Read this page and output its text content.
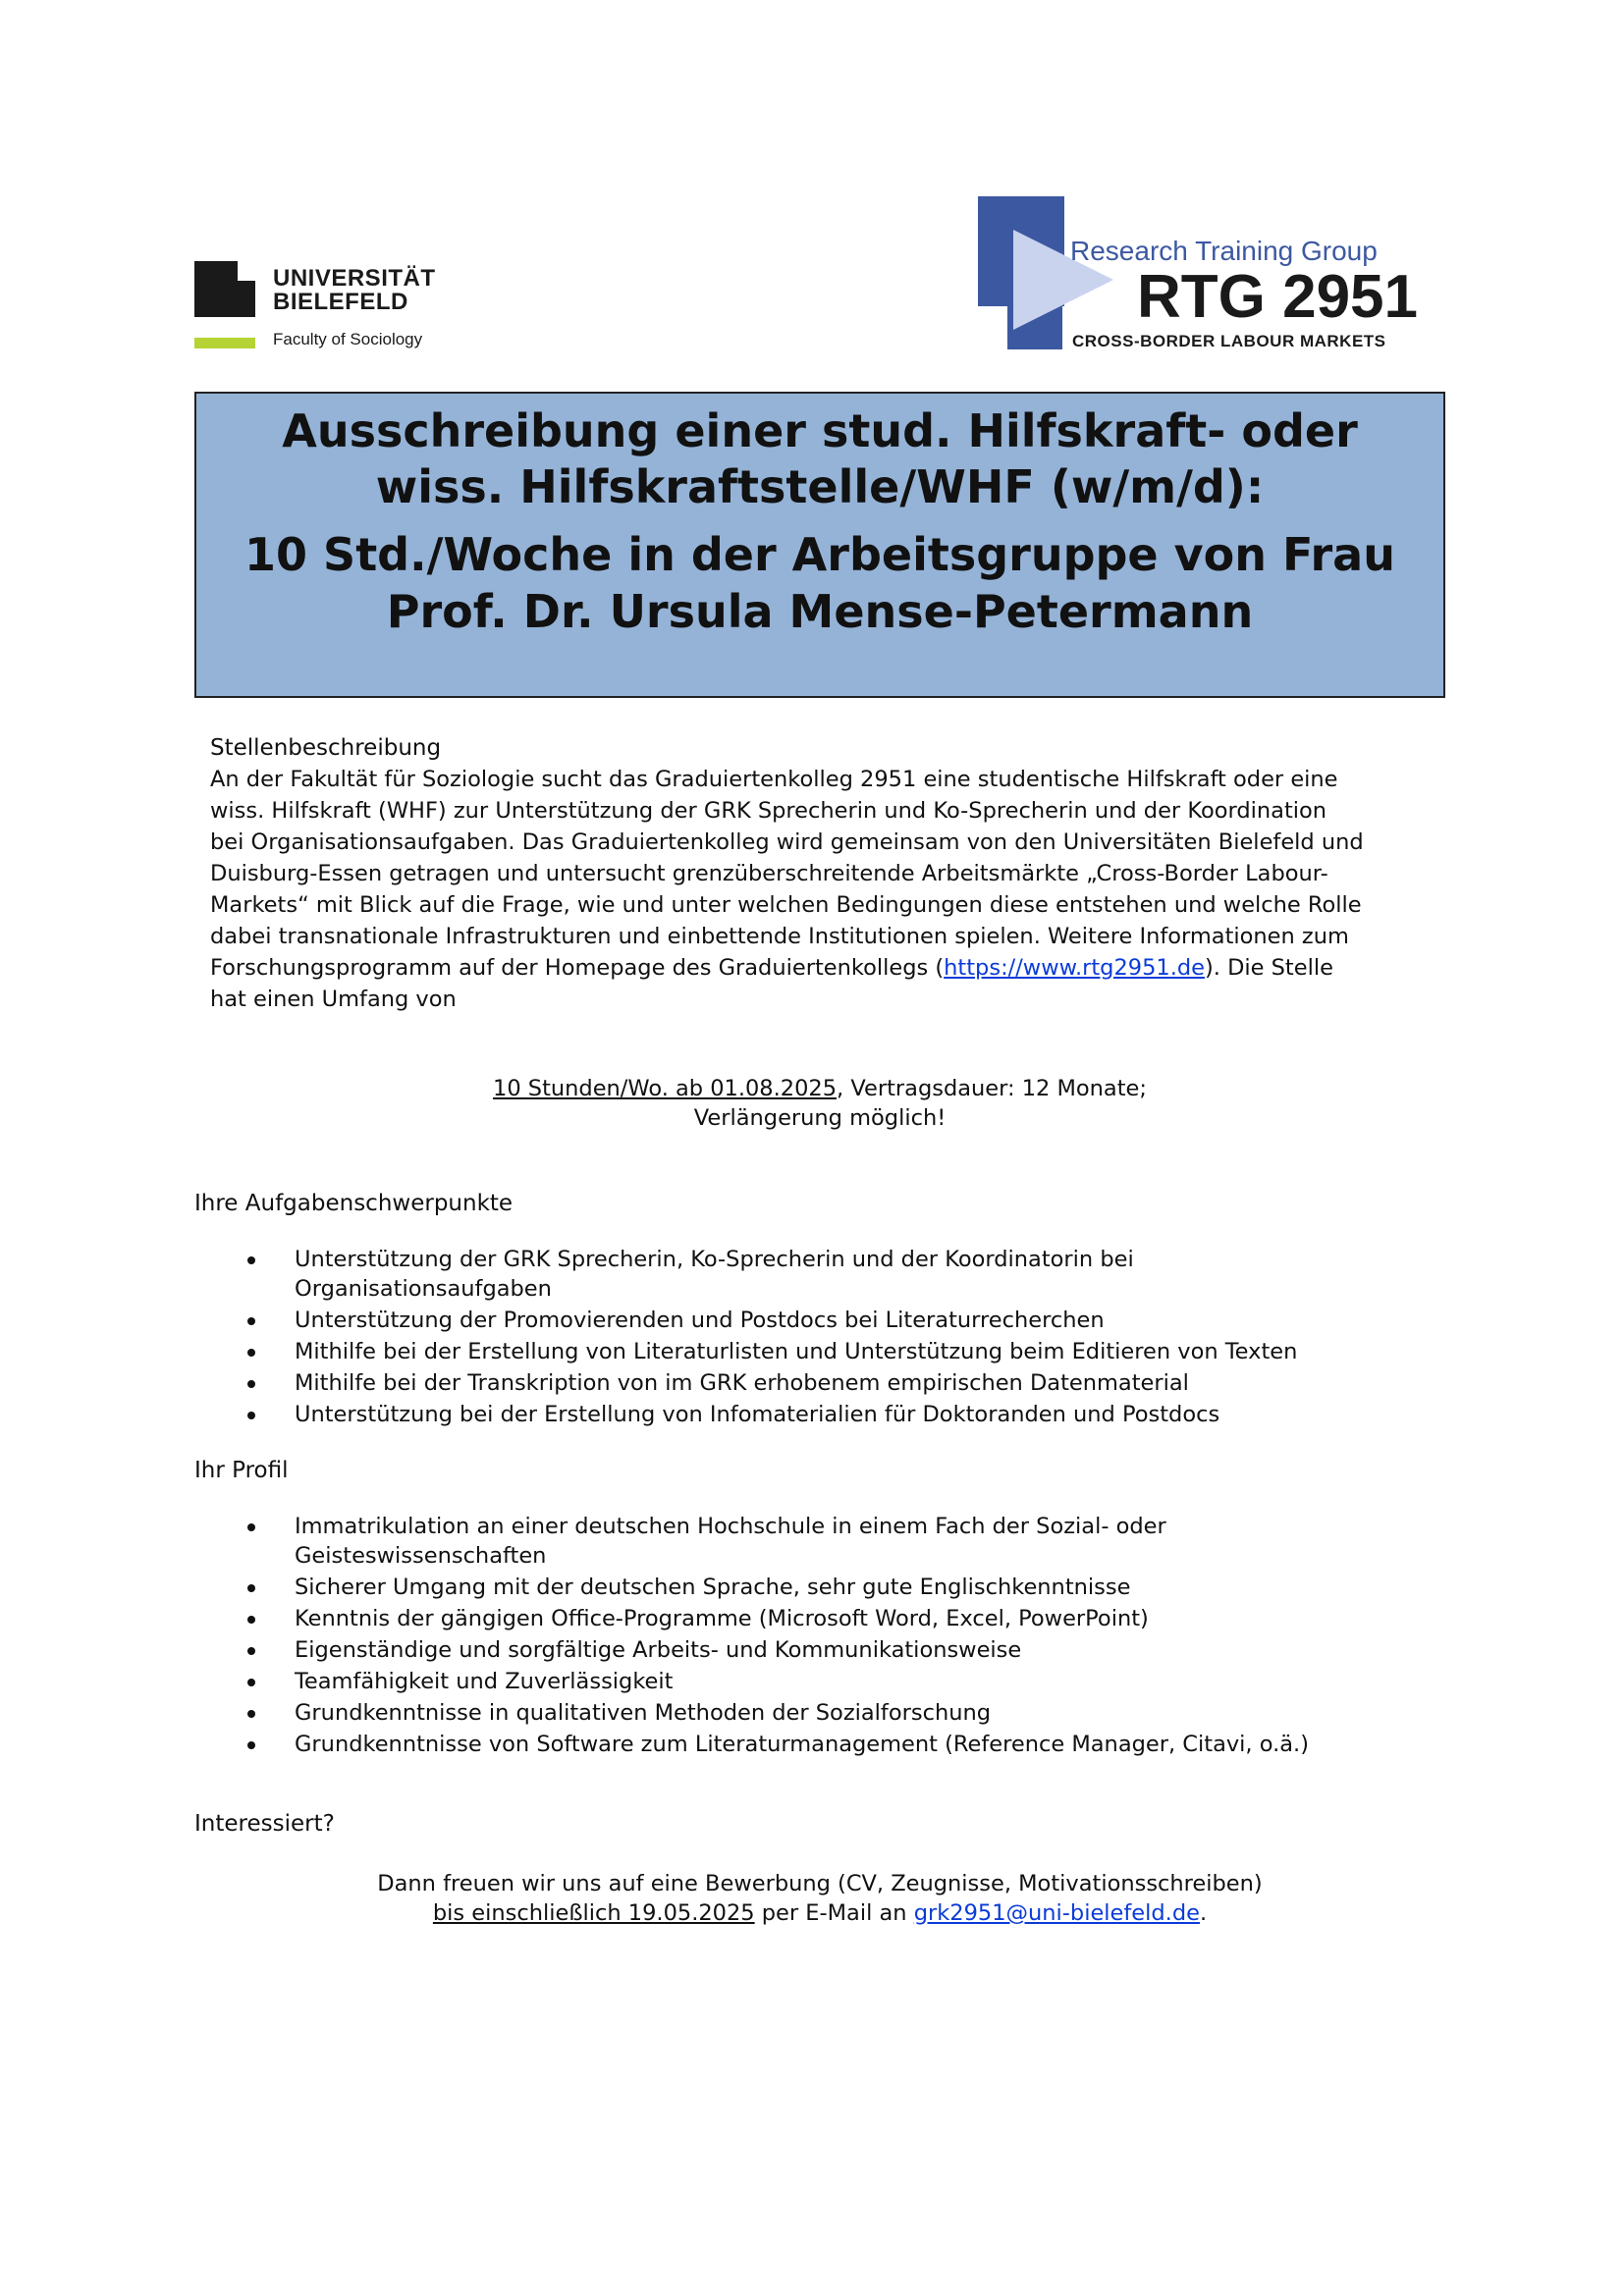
UNIVERSITÄT
BIELEFELD
Faculty of Sociology
Research Training Group
RTG 2951
CROSS-BORDER LABOUR MARKETS
Ausschreibung einer stud. Hilfskraft- oder
wiss. Hilfskraftstelle/WHF (w/m/d):
10 Std./Woche in der Arbeitsgruppe von Frau
Prof. Dr. Ursula Mense-Petermann
Stellenbeschreibung
An der Fakultät für Soziologie sucht das Graduiertenkolleg 2951 eine studentische Hilfskraft oder eine
wiss. Hilfskraft (WHF) zur Unterstützung der GRK Sprecherin und Ko-Sprecherin und der Koordination
bei Organisationsaufgaben. Das Graduiertenkolleg wird gemeinsam von den Universitäten Bielefeld und
Duisburg-Essen getragen und untersucht grenzüberschreitende Arbeitsmärkte „Cross-Border Labour-
Markets“ mit Blick auf die Frage, wie und unter welchen Bedingungen diese entstehen und welche Rolle
dabei transnationale Infrastrukturen und einbettende Institutionen spielen. Weitere Informationen zum
Forschungsprogramm auf der Homepage des Graduiertenkollegs (https://www.rtg2951.de). Die Stelle
hat einen Umfang von
10 Stunden/Wo. ab 01.08.2025, Vertragsdauer: 12 Monate;
Verlängerung möglich!
Ihre Aufgabenschwerpunkte
Unterstützung der GRK Sprecherin, Ko-Sprecherin und der Koordinatorin bei
Organisationsaufgaben
Unterstützung der Promovierenden und Postdocs bei Literaturrecherchen
Mithilfe bei der Erstellung von Literaturlisten und Unterstützung beim Editieren von Texten
Mithilfe bei der Transkription von im GRK erhobenem empirischen Datenmaterial
Unterstützung bei der Erstellung von Infomaterialien für Doktoranden und Postdocs
Ihr Profil
Immatrikulation an einer deutschen Hochschule in einem Fach der Sozial- oder
Geisteswissenschaften
Sicherer Umgang mit der deutschen Sprache, sehr gute Englischkenntnisse
Kenntnis der gängigen Office-Programme (Microsoft Word, Excel, PowerPoint)
Eigenständige und sorgfältige Arbeits- und Kommunikationsweise
Teamfähigkeit und Zuverlässigkeit
Grundkenntnisse in qualitativen Methoden der Sozialforschung
Grundkenntnisse von Software zum Literaturmanagement (Reference Manager, Citavi, o.ä.)
Interessiert?
Dann freuen wir uns auf eine Bewerbung (CV, Zeugnisse, Motivationsschreiben)
bis einschließlich 19.05.2025 per E-Mail an grk2951@uni-bielefeld.de.
